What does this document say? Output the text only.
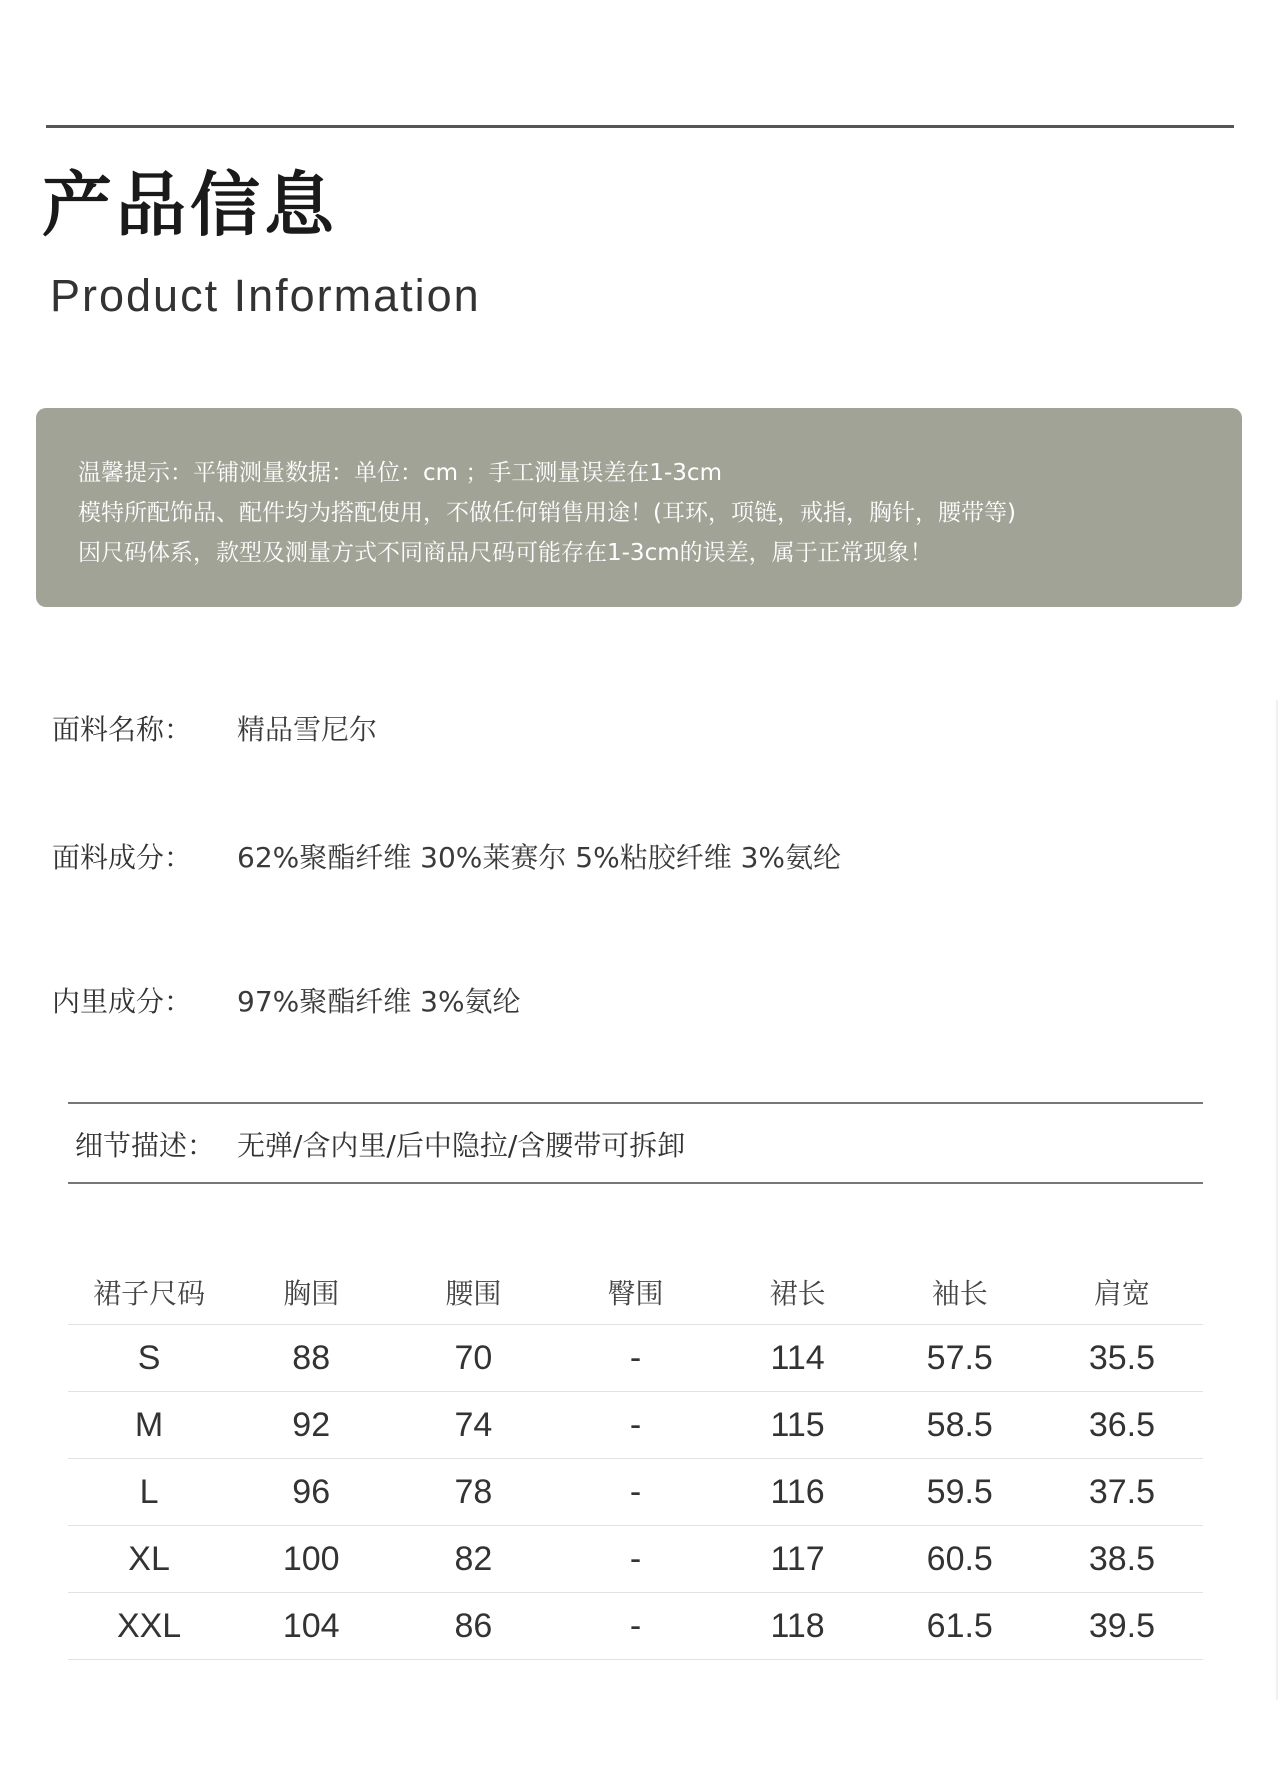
产品信息
Product Information
温馨提示：平铺测量数据：单位：cm ；手工测量误差在1-3cm
模特所配饰品、配件均为搭配使用，不做任何销售用途！(耳环，项链，戒指，胸针，腰带等)
因尺码体系，款型及测量方式不同商品尺码可能存在1-3cm的误差，属于正常现象！
面料名称： 精品雪尼尔
面料成分： 62%聚酯纤维 30%莱赛尔 5%粘胶纤维 3%氨纶
内里成分： 97%聚酯纤维 3%氨纶
细节描述： 无弹/含内里/后中隐拉/含腰带可拆卸
裙子尺码	胸围	腰围	臀围	裙长	袖长	肩宽
S	88	70	-	114	57.5	35.5
M	92	74	-	115	58.5	36.5
L	96	78	-	116	59.5	37.5
XL	100	82	-	117	60.5	38.5
XXL	104	86	-	118	61.5	39.5
